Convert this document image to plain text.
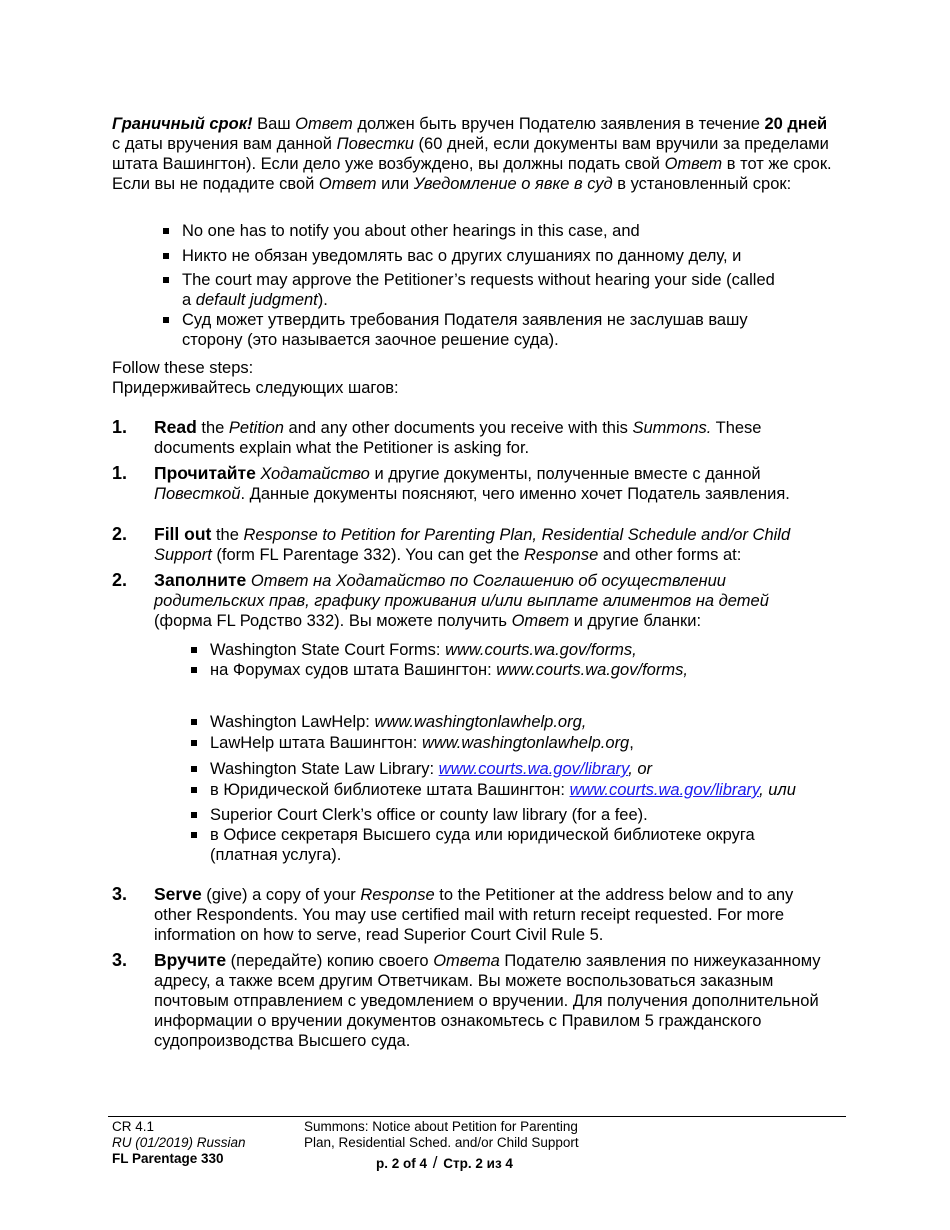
Граничный срок! Ваш Ответ должен быть вручен Подателю заявления в течение 20 дней с даты вручения вам данной Повестки (60 дней, если документы вам вручили за пределами штата Вашингтон). Если дело уже возбуждено, вы должны подать свой Ответ в тот же срок. Если вы не подадите свой Ответ или Уведомление о явке в суд в установленный срок:

No one has to notify you about other hearings in this case, and
Никто не обязан уведомлять вас о других слушаниях по данному делу, и
The court may approve the Petitioner’s requests without hearing your side (called a default judgment).
Суд может утвердить требования Подателя заявления не заслушав вашу сторону (это называется заочное решение суда).
Follow these steps:
Придерживайтесь следующих шагов:
1. Read the Petition and any other documents you receive with this Summons. These documents explain what the Petitioner is asking for.
1. Прочитайте Ходатайство и другие документы, полученные вместе с данной Повесткой. Данные документы поясняют, чего именно хочет Податель заявления.
2. Fill out the Response to Petition for Parenting Plan, Residential Schedule and/or Child Support (form FL Parentage 332). You can get the Response and other forms at:
2. Заполните Ответ на Ходатайство по Соглашению об осуществлении родительских прав, графику проживания и/или выплате алиментов на детей (форма FL Родство 332). Вы можете получить Ответ и другие бланки:
Washington State Court Forms: www.courts.wa.gov/forms,
на Форумах судов штата Вашингтон: www.courts.wa.gov/forms,
Washington LawHelp: www.washingtonlawhelp.org,
LawHelp штата Вашингтон: www.washingtonlawhelp.org,
Washington State Law Library: www.courts.wa.gov/library, or
в Юридической библиотеке штата Вашингтон: www.courts.wa.gov/library, или
Superior Court Clerk’s office or county law library (for a fee).
в Офисе секретаря Высшего суда или юридической библиотеке округа (платная услуга).
3. Serve (give) a copy of your Response to the Petitioner at the address below and to any other Respondents. You may use certified mail with return receipt requested. For more information on how to serve, read Superior Court Civil Rule 5.
3. Вручите (передайте) копию своего Ответа Подателю заявления по нижеуказанному адресу, а также всем другим Ответчикам. Вы можете воспользоваться заказным почтовым отправлением с уведомлением о вручении. Для получения дополнительной информации о вручении документов ознакомьтесь с Правилом 5 гражданского судопроизводства Высшего суда.
CR 4.1
RU (01/2019) Russian
FL Parentage 330
Summons: Notice about Petition for Parenting
Plan, Residential Sched. and/or Child Support
p. 2 of 4 / Стр. 2 из 4
